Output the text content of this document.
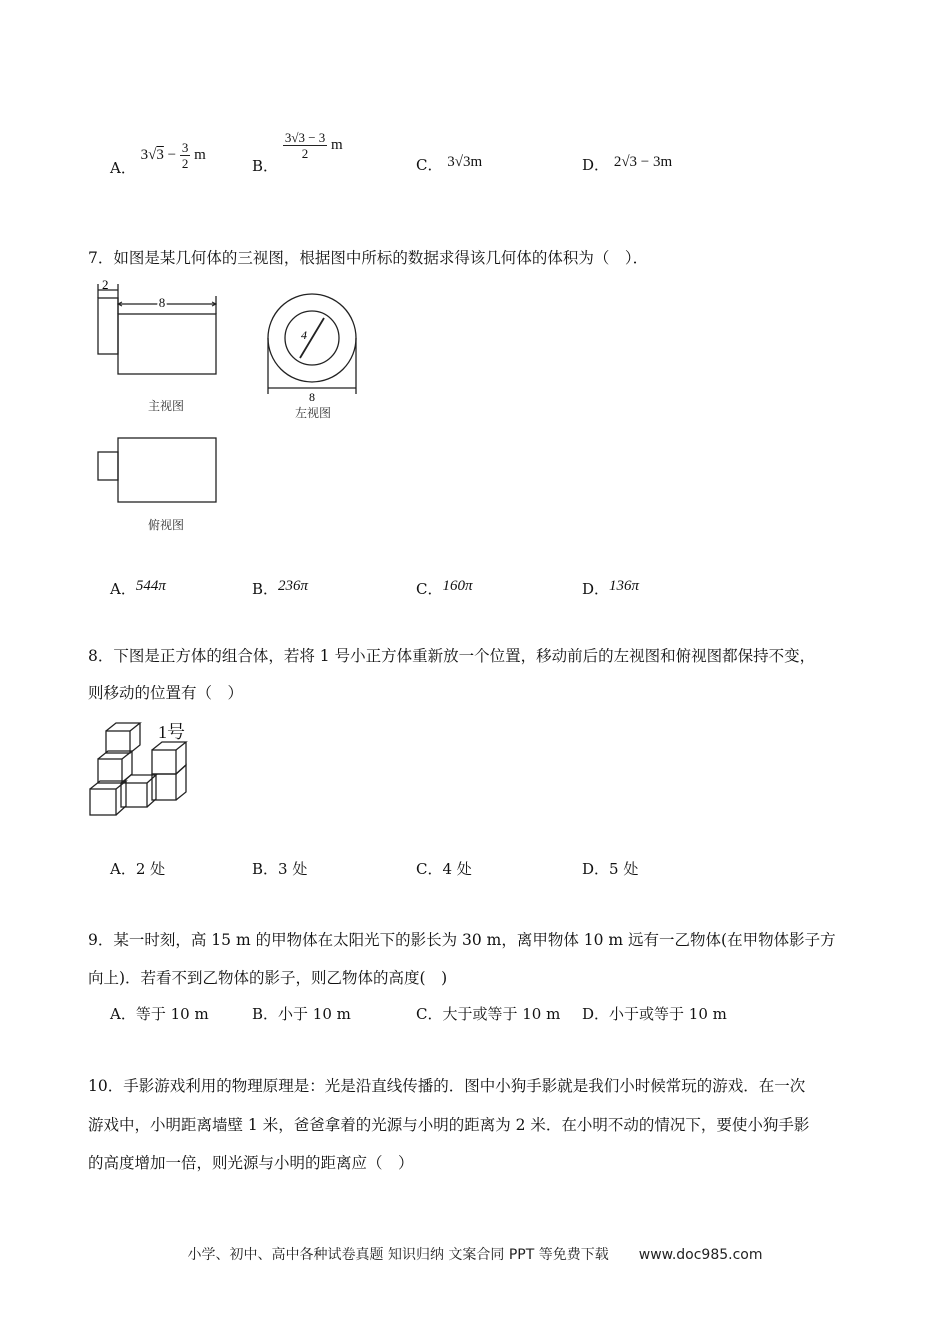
A． $3√3 - \frac{3}{2}$ m
B．
$\frac{3√3 - 3}{2}$ m
C． 3√3m	D． 2√3 − 3m
7．如图是某几何体的三视图，根据图中所标的数据求得该几何体的体积为（　）．
2
8
4
8
主视图	左视图
俯视图
A．544π	B．236π	C．160π	D．136π
8．下图是正方体的组合体，若将 1 号小正方体重新放一个位置，移动前后的左视图和俯视图都保持不变，
则移动的位置有（　）
1号
A．2 处	B．3 处	C．4 处	D．5 处
9．某一时刻，高 15 m 的甲物体在太阳光下的影长为 30 m，离甲物体 10 m 远有一乙物体(在甲物体影子方
向上)．若看不到乙物体的影子，则乙物体的高度(　)
A．等于 10 m	B．小于 10 m	C．大于或等于 10 m D．小于或等于 10 m
10．手影游戏利用的物理原理是：光是沿直线传播的．图中小狗手影就是我们小时候常玩的游戏．在一次
游戏中，小明距离墙壁 1 米，爸爸拿着的光源与小明的距离为 2 米．在小明不动的情况下，要使小狗手影
的高度增加一倍，则光源与小明的距离应（　）
小学、初中、高中各种试卷真题 知识归纳 文案合同 PPT 等免费下载 www.doc985.com
